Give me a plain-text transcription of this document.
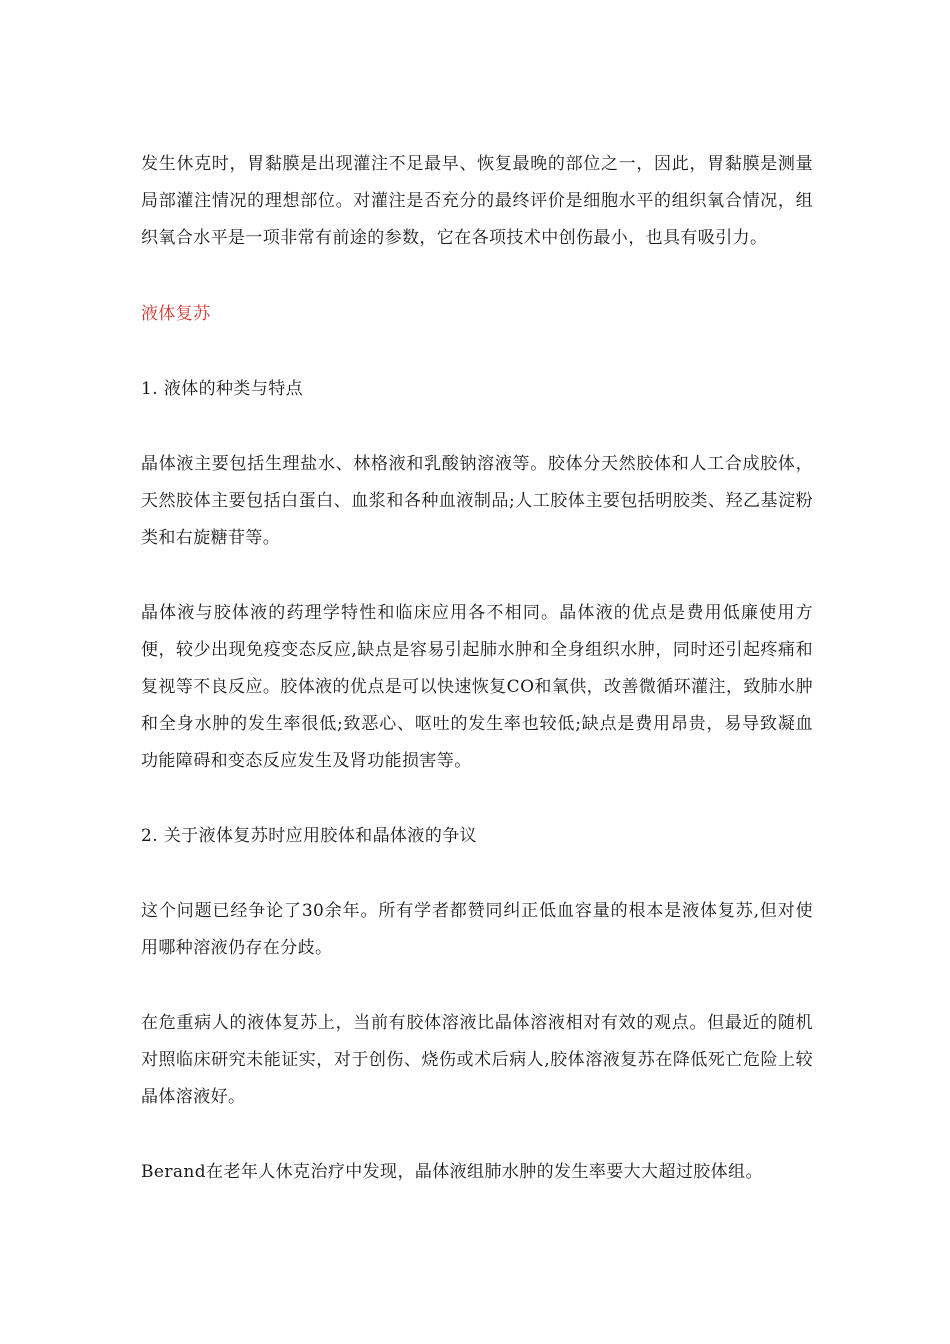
发生休克时，胃黏膜是出现灌注不足最早、恢复最晚的部位之一，因此，胃黏膜是测量局部灌注情况的理想部位。对灌注是否充分的最终评价是细胞水平的组织氧合情况，组织氧合水平是一项非常有前途的参数，它在各项技术中创伤最小，也具有吸引力。

液体复苏

1. 液体的种类与特点

晶体液主要包括生理盐水、林格液和乳酸钠溶液等。胶体分天然胶体和人工合成胶体，天然胶体主要包括白蛋白、血浆和各种血液制品;人工胶体主要包括明胶类、羟乙基淀粉类和右旋糖苷等。

晶体液与胶体液的药理学特性和临床应用各不相同。晶体液的优点是费用低廉使用方便，较少出现免疫变态反应,缺点是容易引起肺水肿和全身组织水肿，同时还引起疼痛和复视等不良反应。胶体液的优点是可以快速恢复CO和氧供，改善微循环灌注，致肺水肿和全身水肿的发生率很低;致恶心、呕吐的发生率也较低;缺点是费用昂贵，易导致凝血功能障碍和变态反应发生及肾功能损害等。

2. 关于液体复苏时应用胶体和晶体液的争议

这个问题已经争论了30余年。所有学者都赞同纠正低血容量的根本是液体复苏,但对使用哪种溶液仍存在分歧。

在危重病人的液体复苏上，当前有胶体溶液比晶体溶液相对有效的观点。但最近的随机对照临床研究未能证实，对于创伤、烧伤或术后病人,胶体溶液复苏在降低死亡危险上较晶体溶液好。

Berand在老年人休克治疗中发现，晶体液组肺水肿的发生率要大大超过胶体组。
